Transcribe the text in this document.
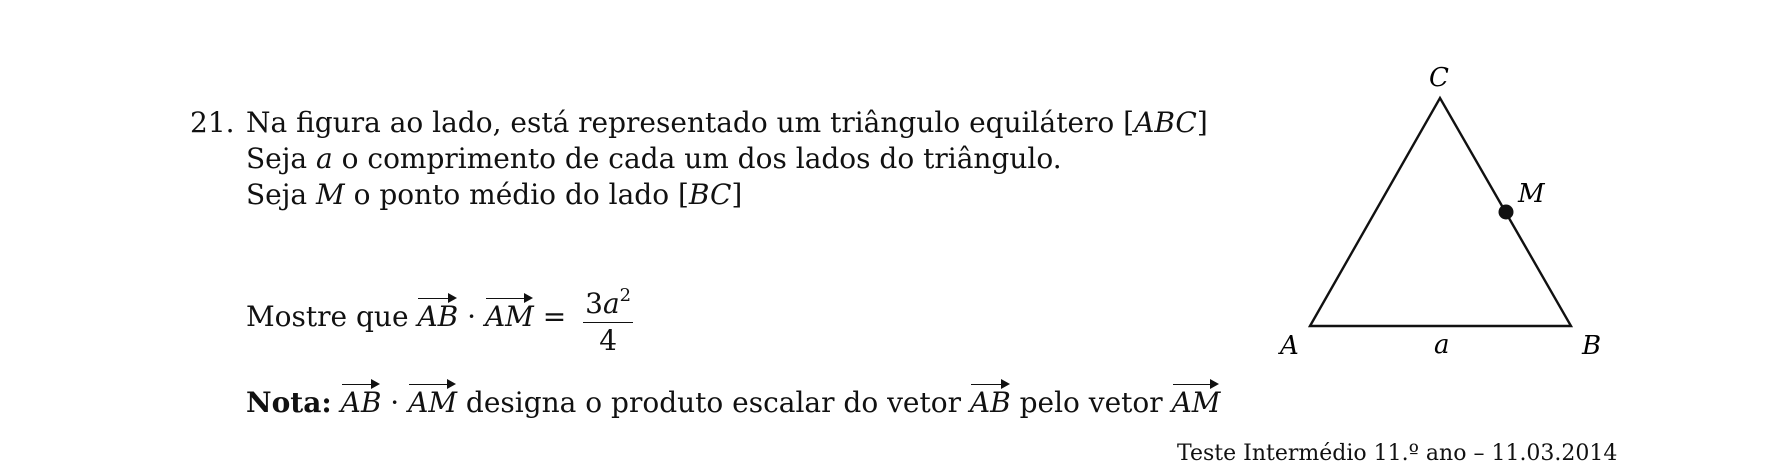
21. Na figura ao lado, está representado um triângulo equilátero [ABC]
Seja a o comprimento de cada um dos lados do triângulo.
Seja M o ponto médio do lado [BC]
Mostre que AB · AM = $\frac{3a^2}{4}$
Nota: AB · AM designa o produto escalar do vetor AB pelo vetor AM
A	B
C
M
a
Teste Intermédio 11.º ano – 11.03.2014
